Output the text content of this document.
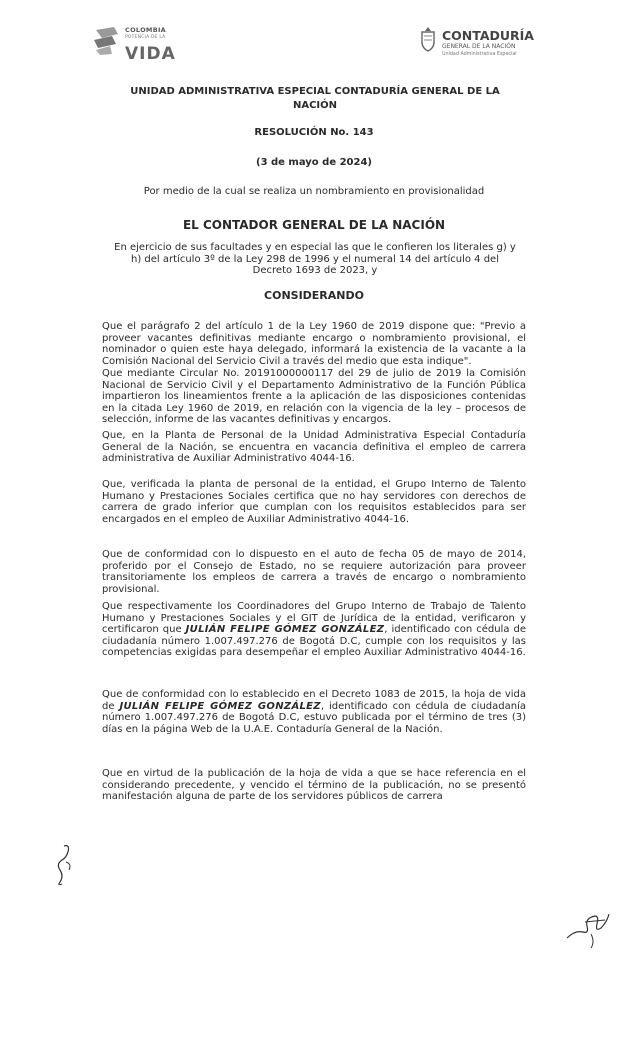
COLOMBIA
POTENCIA DE LA
VIDA
CONTADURÍA
GENERAL DE LA NACIÓN
Unidad Administrativa Especial
UNIDAD ADMINISTRATIVA ESPECIAL CONTADURÍA GENERAL DE LA NACIÓN
RESOLUCIÓN No. 143
(3 de mayo de 2024)
Por medio de la cual se realiza un nombramiento en provisionalidad
EL CONTADOR GENERAL DE LA NACIÓN
En ejercicio de sus facultades y en especial las que le confieren los literales g) y h) del artículo 3º de la Ley 298 de 1996 y el numeral 14 del artículo 4 del Decreto 1693 de 2023, y
CONSIDERANDO
Que el parágrafo 2 del artículo 1 de la Ley 1960 de 2019 dispone que: "Previo a proveer vacantes definitivas mediante encargo o nombramiento provisional, el nominador o quien este haya delegado, informará la existencia de la vacante a la Comisión Nacional del Servicio Civil a través del medio que esta indique".
Que mediante Circular No. 20191000000117 del 29 de julio de 2019 la Comisión Nacional de Servicio Civil y el Departamento Administrativo de la Función Pública impartieron los lineamientos frente a la aplicación de las disposiciones contenidas en la citada Ley 1960 de 2019, en relación con la vigencia de la ley – procesos de selección, informe de las vacantes definitivas y encargos.
Que, en la Planta de Personal de la Unidad Administrativa Especial Contaduría General de la Nación, se encuentra en vacancia definitiva el empleo de carrera administrativa de Auxiliar Administrativo 4044-16.
Que, verificada la planta de personal de la entidad, el Grupo Interno de Talento Humano y Prestaciones Sociales certifica que no hay servidores con derechos de carrera de grado inferior que cumplan con los requisitos establecidos para ser encargados en el empleo de Auxiliar Administrativo 4044-16.
Que de conformidad con lo dispuesto en el auto de fecha 05 de mayo de 2014, proferido por el Consejo de Estado, no se requiere autorización para proveer transitoriamente los empleos de carrera a través de encargo o nombramiento provisional.
Que respectivamente los Coordinadores del Grupo Interno de Trabajo de Talento Humano y Prestaciones Sociales y el GIT de Jurídica de la entidad, verificaron y certificaron que JULIÁN FELIPE GÓMEZ GONZÁLEZ, identificado con cédula de ciudadanía número 1.007.497.276 de Bogotá D.C, cumple con los requisitos y las competencias exigidas para desempeñar el empleo Auxiliar Administrativo 4044-16.
Que de conformidad con lo establecido en el Decreto 1083 de 2015, la hoja de vida de JULIÁN FELIPE GÓMEZ GONZÁLEZ, identificado con cédula de ciudadanía número 1.007.497.276 de Bogotá D.C, estuvo publicada por el término de tres (3) días en la página Web de la U.A.E. Contaduría General de la Nación.
Que en virtud de la publicación de la hoja de vida a que se hace referencia en el considerando precedente, y vencido el término de la publicación, no se presentó manifestación alguna de parte de los servidores públicos de carrera
